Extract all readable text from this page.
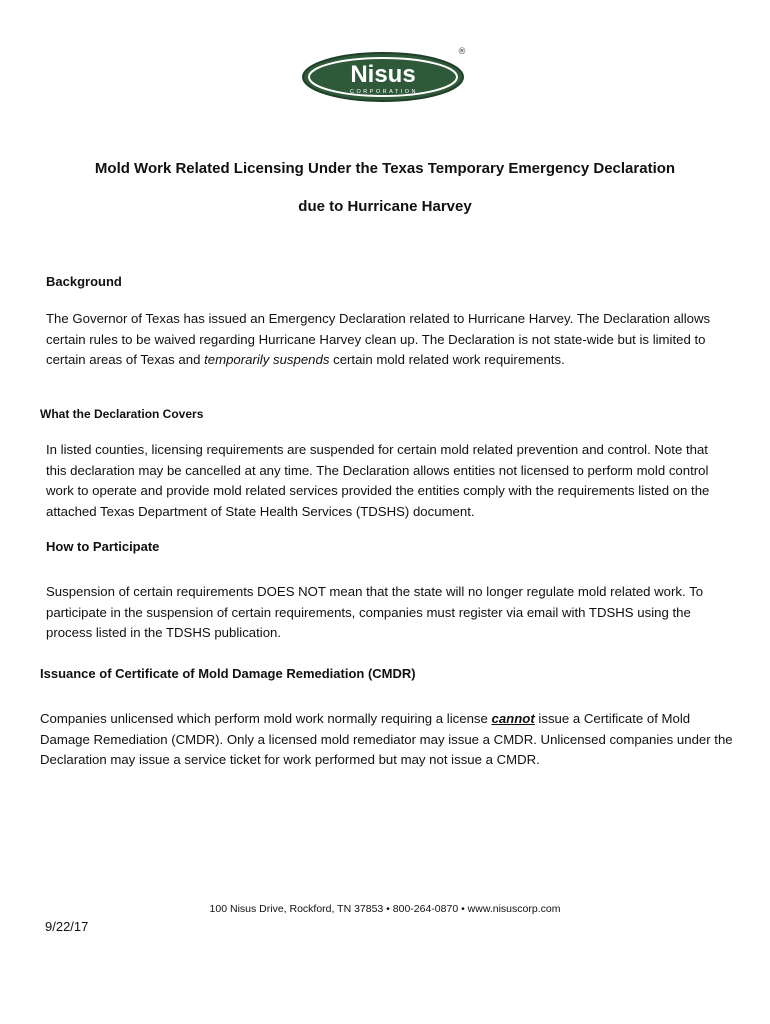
Nisus
CORPORATION
®
Mold Work Related Licensing Under the Texas Temporary Emergency Declaration
due to Hurricane Harvey
Background

The Governor of Texas has issued an Emergency Declaration related to Hurricane Harvey. The Declaration allows certain rules to be waived regarding Hurricane Harvey clean up. The Declaration is not state-wide but is limited to certain areas of Texas and temporarily suspends certain mold related work requirements.

What the Declaration Covers

In listed counties, licensing requirements are suspended for certain mold related prevention and control. Note that this declaration may be cancelled at any time. The Declaration allows entities not licensed to perform mold control work to operate and provide mold related services provided the entities comply with the requirements listed on the attached Texas Department of State Health Services (TDSHS) document.

How to Participate

Suspension of certain requirements DOES NOT mean that the state will no longer regulate mold related work. To participate in the suspension of certain requirements, companies must register via email with TDSHS using the process listed in the TDSHS publication.

Issuance of Certificate of Mold Damage Remediation (CMDR)

Companies unlicensed which perform mold work normally requiring a license cannot issue a Certificate of Mold Damage Remediation (CMDR). Only a licensed mold remediator may issue a CMDR. Unlicensed companies under the Declaration may issue a service ticket for work performed but may not issue a CMDR.

100 Nisus Drive, Rockford, TN 37853 • 800-264-0870 • www.nisuscorp.com

9/22/17
